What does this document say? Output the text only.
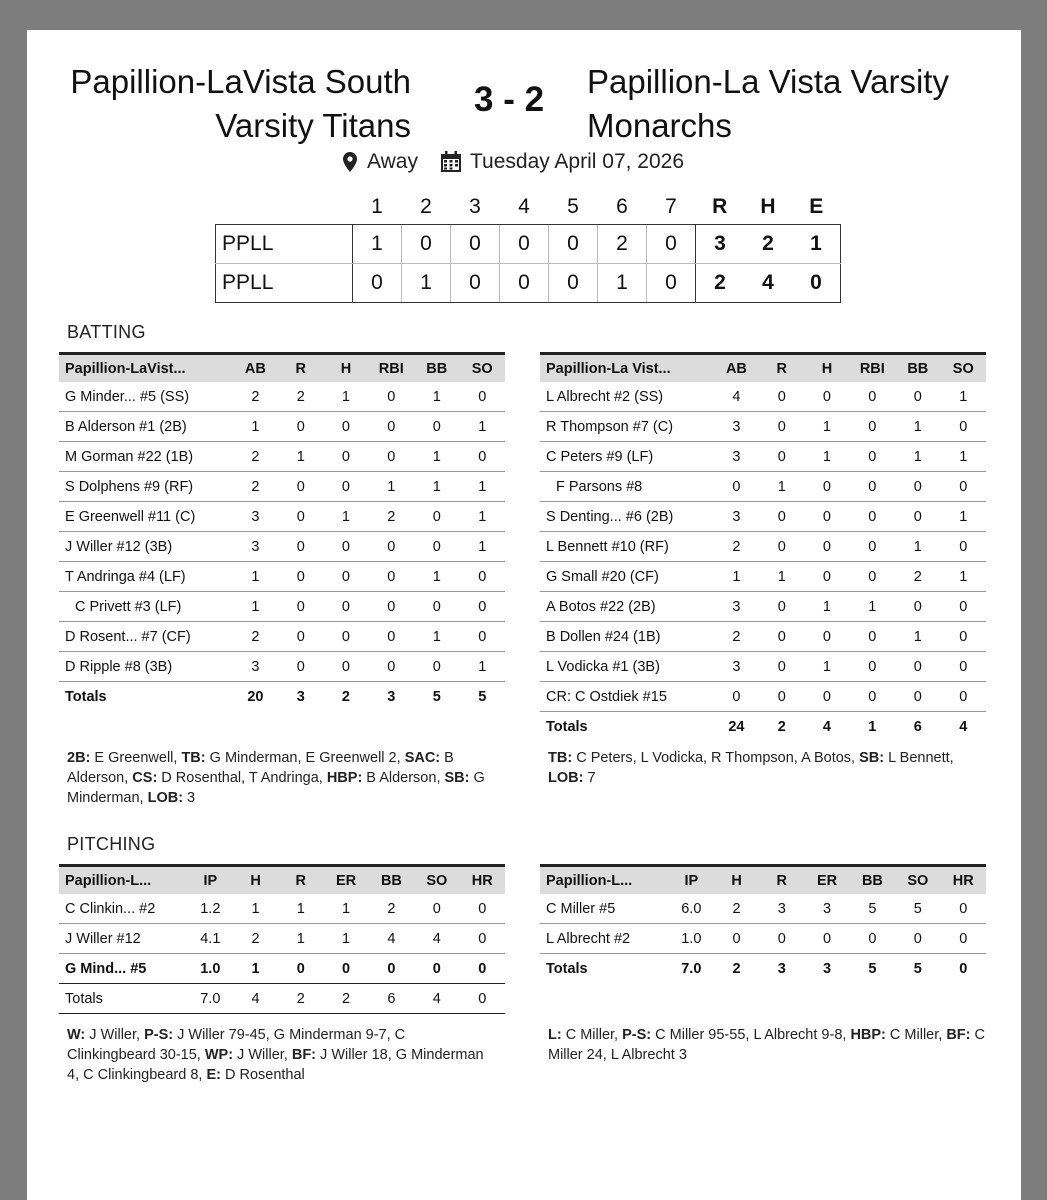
Papillion-LaVista South
Varsity Titans
3 - 2 Papillion-La Vista Varsity
Monarchs
Away Tuesday April 07, 2026
	1	2	3	4	5	6	7	R	H	E
PPLL	1	0	0	0	0	2	0	3	2	1
PPLL	0	1	0	0	0	1	0	2	4	0
BATTING
Papillion-LaVist...	AB	R	H	RBI	BB	SO
G Minder... #5 (SS)	2	2	1	0	1	0
B Alderson #1 (2B)	1	0	0	0	0	1
M Gorman #22 (1B)	2	1	0	0	1	0
S Dolphens #9 (RF)	2	0	0	1	1	1
E Greenwell #11 (C)	3	0	1	2	0	1
J Willer #12 (3B)	3	0	0	0	0	1
T Andringa #4 (LF)	1	0	0	0	1	0
C Privett #3 (LF)	1	0	0	0	0	0
D Rosent... #7 (CF)	2	0	0	0	1	0
D Ripple #8 (3B)	3	0	0	0	0	1
Totals	20	3	2	3	5	5
Papillion-La Vist...	AB	R	H	RBI	BB	SO
L Albrecht #2 (SS)	4	0	0	0	0	1
R Thompson #7 (C)	3	0	1	0	1	0
C Peters #9 (LF)	3	0	1	0	1	1
F Parsons #8	0	1	0	0	0	0
S Denting... #6 (2B)	3	0	0	0	0	1
L Bennett #10 (RF)	2	0	0	0	1	0
G Small #20 (CF)	1	1	0	0	2	1
A Botos #22 (2B)	3	0	1	1	0	0
B Dollen #24 (1B)	2	0	0	0	1	0
L Vodicka #1 (3B)	3	0	1	0	0	0
CR: C Ostdiek #15	0	0	0	0	0	0
Totals	24	2	4	1	6	4
2B: E Greenwell, TB: G Minderman, E Greenwell 2, SAC: B Alderson, CS: D Rosenthal, T Andringa, HBP: B Alderson, SB: G Minderman, LOB: 3
TB: C Peters, L Vodicka, R Thompson, A Botos, SB: L Bennett, LOB: 7
PITCHING
Papillion-L...	IP	H	R	ER	BB	SO	HR
C Clinkin... #2	1.2	1	1	1	2	0	0
J Willer #12	4.1	2	1	1	4	4	0
G Mind... #5	1.0	1	0	0	0	0	0
Totals	7.0	4	2	2	6	4	0
Papillion-L...	IP	H	R	ER	BB	SO	HR
C Miller #5	6.0	2	3	3	5	5	0
L Albrecht #2	1.0	0	0	0	0	0	0
Totals	7.0	2	3	3	5	5	0
W: J Willer, P-S: J Willer 79-45, G Minderman 9-7, C Clinkingbeard 30-15, WP: J Willer, BF: J Willer 18, G Minderman 4, C Clinkingbeard 8, E: D Rosenthal
L: C Miller, P-S: C Miller 95-55, L Albrecht 9-8, HBP: C Miller, BF: C Miller 24, L Albrecht 3
